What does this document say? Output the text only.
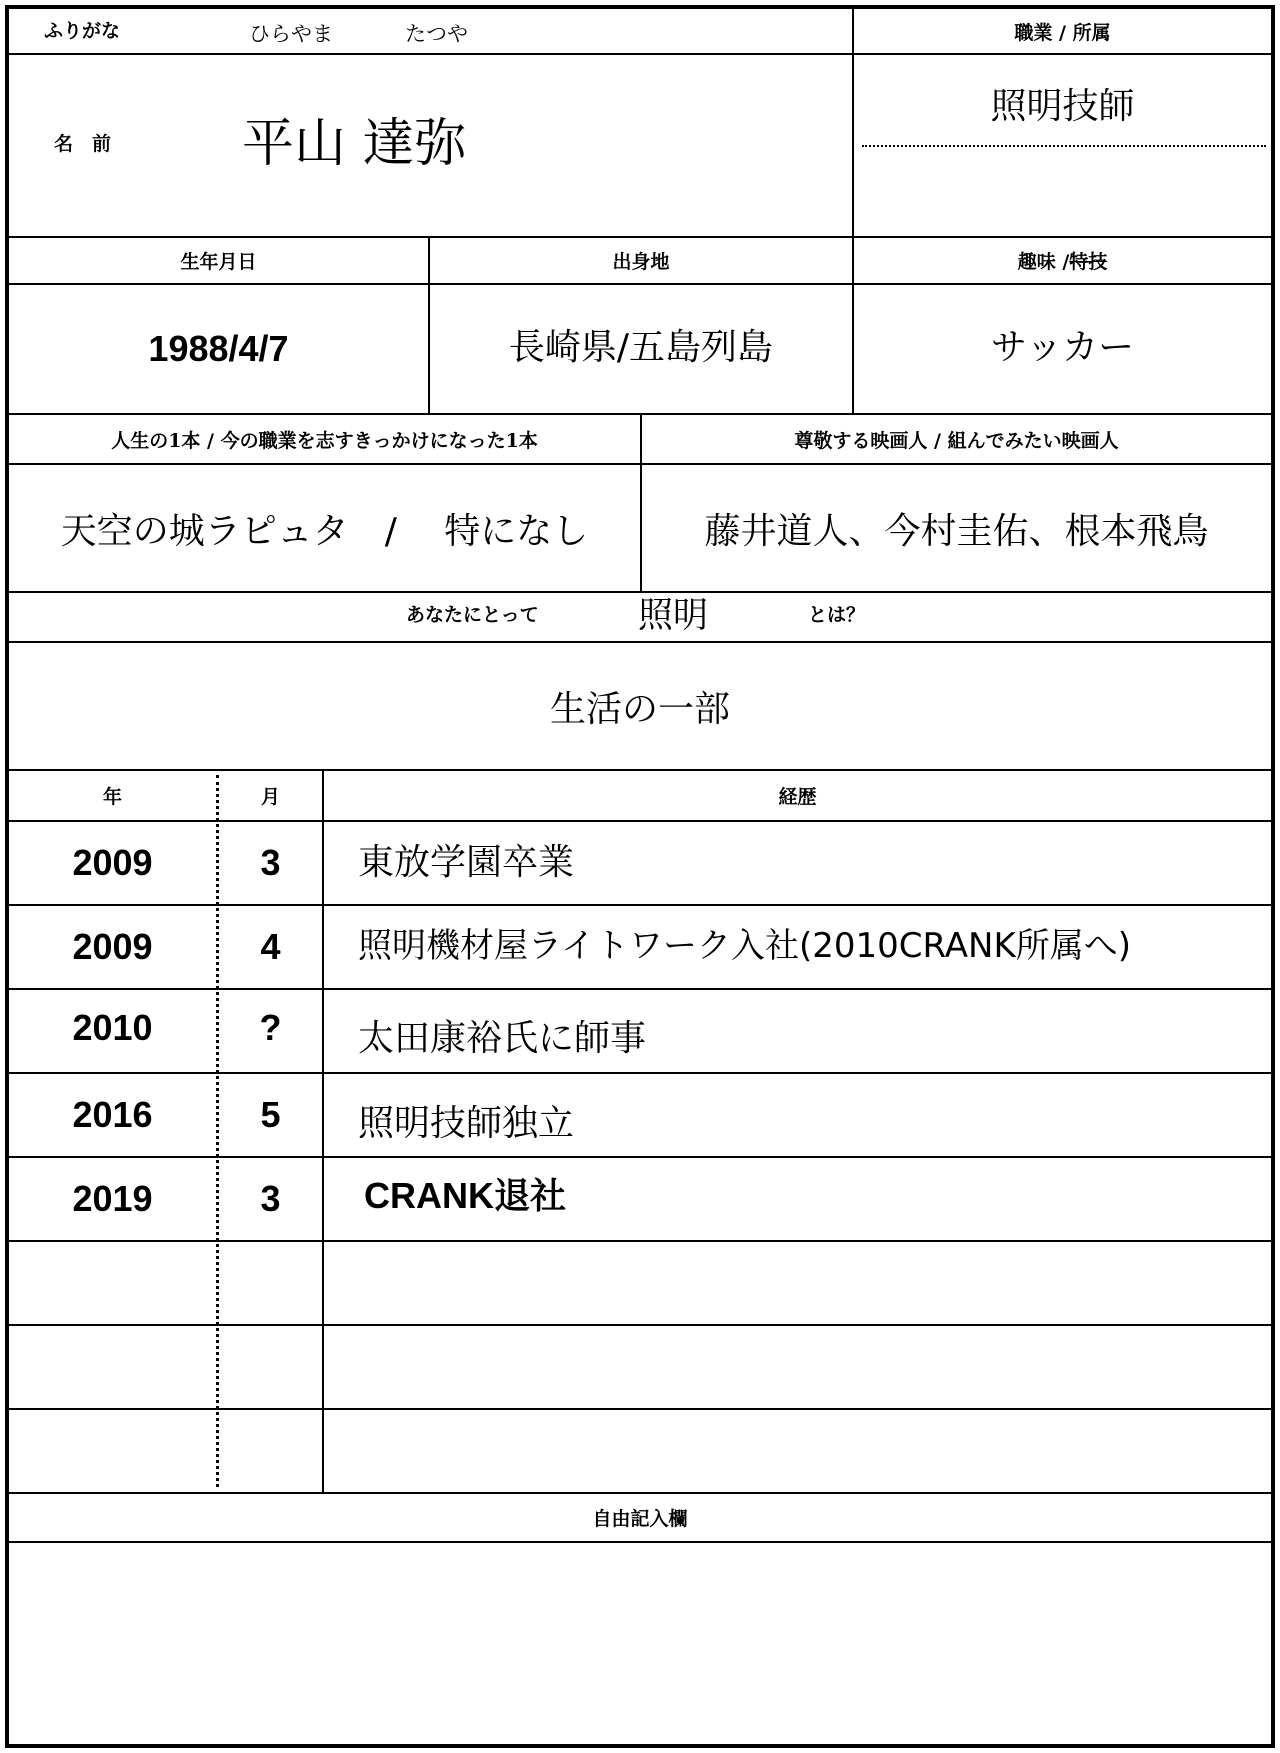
ふりがな	ひらやま	たつや	職業 / 所属
名　前	平山 達弥
照明技師
生年月日	出身地	趣味 / 特技
1988/4/7	長崎県/五島列島	サッカー
人生の1本 / 今の職業を志すきっかけになった1本	尊敬する映画人 / 組んでみたい映画人
天空の城ラピュタ　/ 　特になし	藤井道人、今村圭佑、根本飛鳥
あなたにとって	照明	とは？
生活の一部
年	月	経歴
2009	3	東放学園卒業
2009	4	照明機材屋ライトワーク入社(2010CRANK所属へ)
2010	?	太田康裕氏に師事
2016	5	照明技師独立
2019	3	CRANK退社
自由記入欄
